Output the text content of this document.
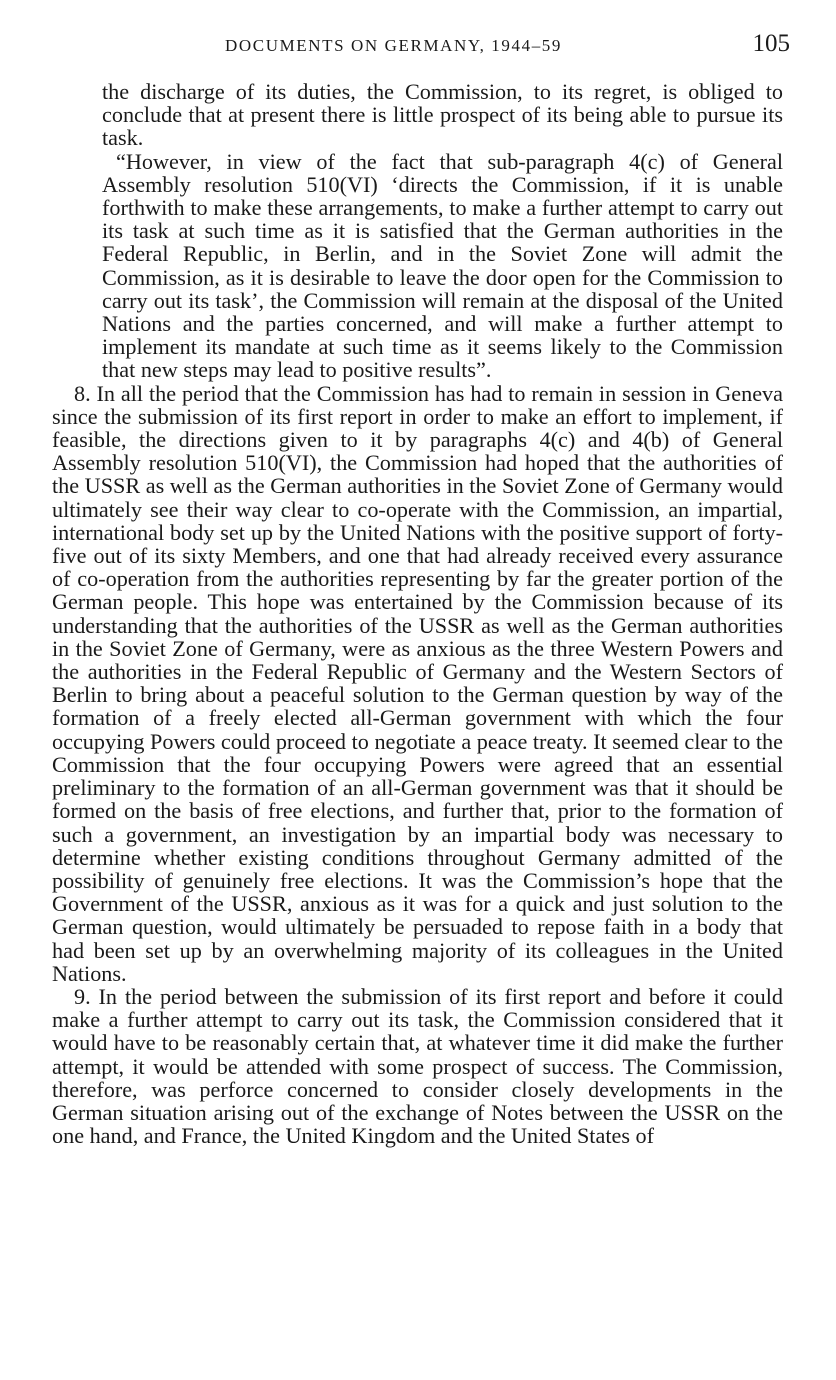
DOCUMENTS ON GERMANY, 1944–59	105

the discharge of its duties, the Commission, to its regret, is obliged to conclude that at present there is little prospect of its being able to pursue its task.

“However, in view of the fact that sub-paragraph 4(c) of General Assembly resolution 510(VI) ‘directs the Commission, if it is unable forthwith to make these arrangements, to make a further attempt to carry out its task at such time as it is satisfied that the German authorities in the Federal Republic, in Berlin, and in the Soviet Zone will admit the Commission, as it is desirable to leave the door open for the Commission to carry out its task’, the Commission will remain at the disposal of the United Nations and the parties concerned, and will make a further attempt to implement its mandate at such time as it seems likely to the Commission that new steps may lead to positive results”.

8. In all the period that the Commission has had to remain in session in Geneva since the submission of its first report in order to make an effort to implement, if feasible, the directions given to it by paragraphs 4(c) and 4(b) of General Assembly resolution 510(VI), the Commission had hoped that the authorities of the USSR as well as the German authorities in the Soviet Zone of Germany would ultimately see their way clear to co-operate with the Commission, an impartial, international body set up by the United Nations with the positive support of forty-five out of its sixty Members, and one that had already received every assurance of co-operation from the authorities representing by far the greater portion of the German people. This hope was entertained by the Commission because of its understanding that the authorities of the USSR as well as the German authorities in the Soviet Zone of Germany, were as anxious as the three Western Powers and the authorities in the Federal Republic of Germany and the Western Sectors of Berlin to bring about a peaceful solution to the German question by way of the formation of a freely elected all-German government with which the four occupying Powers could proceed to negotiate a peace treaty. It seemed clear to the Commission that the four occupying Powers were agreed that an essential preliminary to the formation of an all-German government was that it should be formed on the basis of free elections, and further that, prior to the formation of such a government, an investigation by an impartial body was necessary to determine whether existing conditions throughout Germany admitted of the possibility of genuinely free elections. It was the Commission’s hope that the Government of the USSR, anxious as it was for a quick and just solution to the German question, would ultimately be persuaded to repose faith in a body that had been set up by an overwhelming majority of its colleagues in the United Nations.

9. In the period between the submission of its first report and before it could make a further attempt to carry out its task, the Commission considered that it would have to be reasonably certain that, at whatever time it did make the further attempt, it would be attended with some prospect of success. The Commission, therefore, was perforce concerned to consider closely developments in the German situation arising out of the exchange of Notes between the USSR on the one hand, and France, the United Kingdom and the United States of
